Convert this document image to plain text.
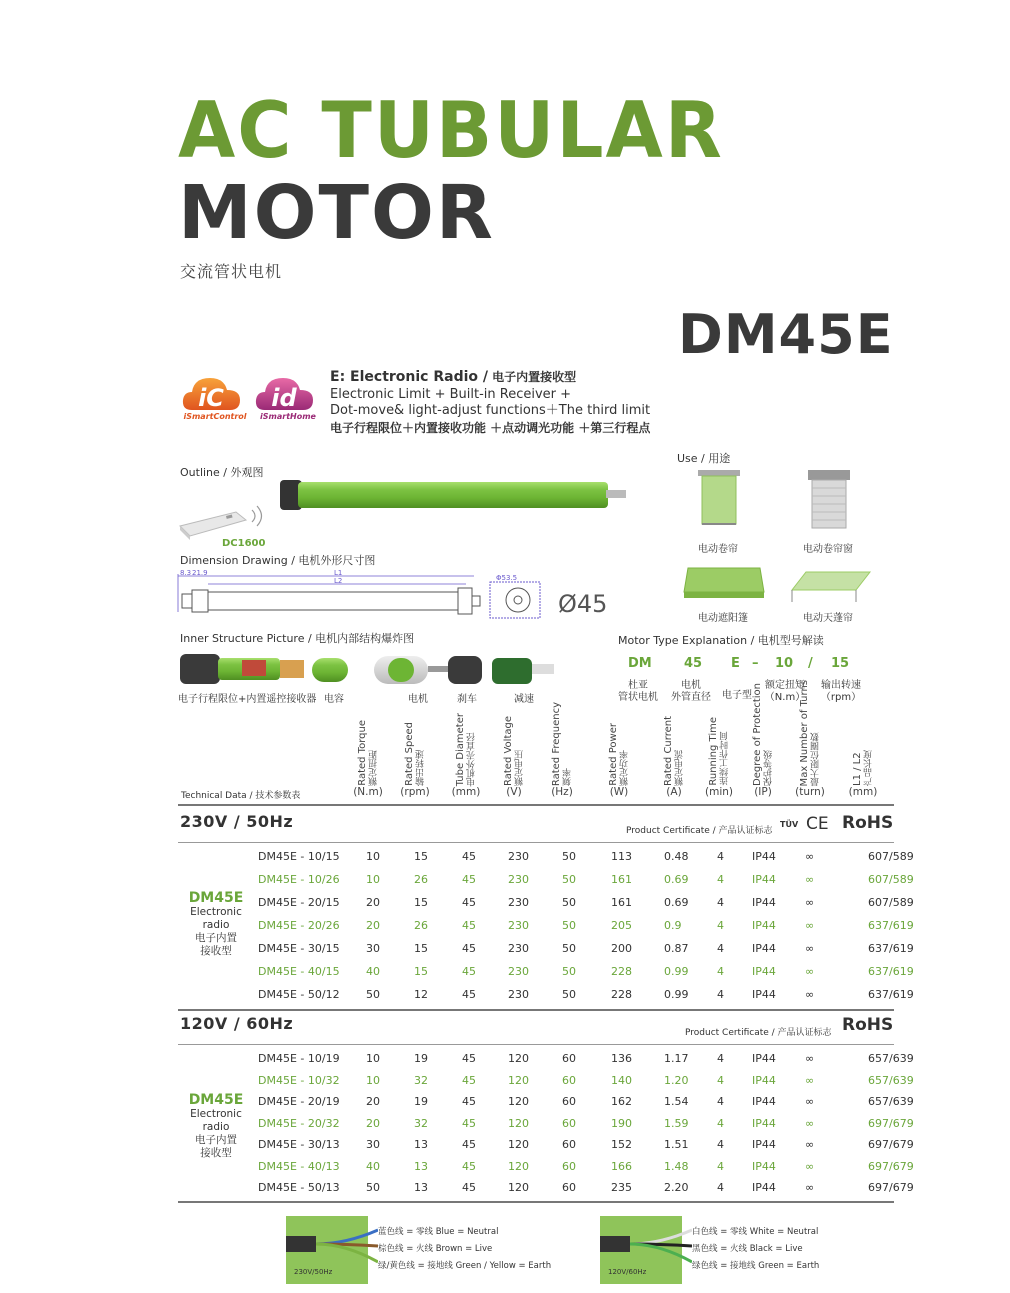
AC TUBULAR
MOTOR
交流管状电机
DM45E
iC
iSmartControl
id
iSmartHome
E: Electronic Radio / 电子内置接收型
Electronic Limit + Built-in Receiver +
Dot-move& light-adjust functions＋The third limit
电子行程限位＋内置接收功能 ＋点动调光功能 ＋第三行程点
Outline / 外观图
DC1600
Dimension Drawing / 电机外形尺寸图
8.3 21.9	L1
L2	Φ53.5
Ø45
Inner Structure Picture / 电机内部结构爆炸图
电子行程限位+内置遥控接收器 电容	电机	刹车	减速
Use / 用途
电动卷帘	电动卷帘窗
电动遮阳篷	电动天蓬帘
Motor Type Explanation / 电机型号解读
DM 45 E – 10 / 15
杜亚
管状电机
电机
外管直径	电子型
额定扭矩
（N.m）
输出转速
（rpm）
Technical Data / 技术参数表
Rated Torque
额定扭距
(N.m)
Rated Speed
输出转速
(rpm)
Tube Diameter
电机外壳直径
(mm)
Rated Voltage
额定电压
(V)
Rated Frequency
频率
(Hz)
Rated Power
额定功率
(W)
Rated Current
额定电流
(A)
Running Time
连续工作时间
(min)
Degree of Protection
保护等级
(IP)
Max Number of Turns
最大限位圈数
(turn)
L1 / L2
产品长度
(mm)
230V / 50Hz	Product Certificate / 产品认证标志
TÜV CE RoHS
DM45E - 10/15 10	15	45	230	50	113	0.48	4	IP44	∞	607/589
DM45E - 10/26 10	26	45	230	50	161	0.69	4	IP44	∞	607/589
DM45E - 20/15 20	15	45	230	50	161	0.69	4	IP44	∞	607/589
DM45E - 20/26 20	26	45	230	50	205	0.9	4	IP44	∞	637/619
DM45E - 30/15 30	15	45	230	50	200	0.87	4	IP44	∞	637/619
DM45E - 40/15 40	15	45	230	50	228	0.99	4	IP44	∞	637/619
DM45E - 50/12 50	12	45	230	50	228	0.99	4	IP44	∞	637/619
DM45E
Electronic
radio
电子内置
接收型
120V / 60Hz	Product Certificate / 产品认证标志 RoHS
DM45E - 10/19 10	19	45	120	60	136	1.17	4	IP44	∞	657/639
DM45E - 10/32 10	32	45	120	60	140	1.20	4	IP44	∞	657/639
DM45E - 20/19 20	19	45	120	60	162	1.54	4	IP44	∞	657/639
DM45E - 20/32 20	32	45	120	60	190	1.59	4	IP44	∞	697/679
DM45E - 30/13 30	13	45	120	60	152	1.51	4	IP44	∞	697/679
DM45E - 40/13 40	13	45	120	60	166	1.48	4	IP44	∞	697/679
DM45E - 50/13 50	13	45	120	60	235	2.20	4	IP44	∞	697/679
DM45E
Electronic
radio
电子内置
接收型
230V/50Hz
蓝色线 = 零线 Blue = Neutral
棕色线 = 火线 Brown = Live
绿/黄色线 = 接地线 Green / Yellow = Earth
120V/60Hz
白色线 = 零线 White = Neutral
黑色线 = 火线 Black = Live
绿色线 = 接地线 Green = Earth
